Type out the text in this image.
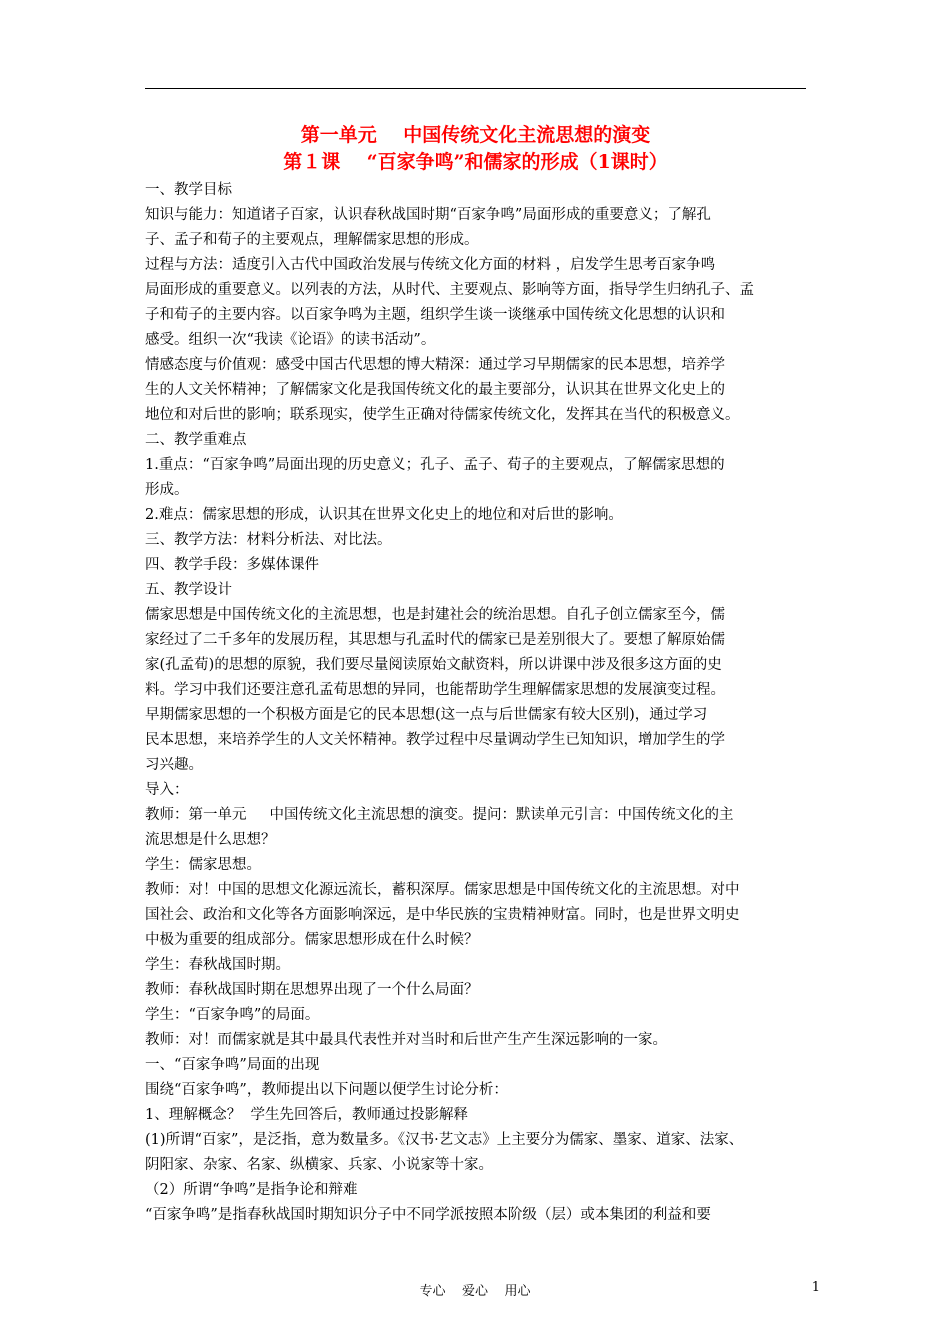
第一单元    中国传统文化主流思想的演变
第１课    “百家争鸣”和儒家的形成（1课时）

一、教学目标

知识与能力：知道诸子百家，认识春秋战国时期“百家争鸣”局面形成的重要意义；了解孔

子、孟子和荀子的主要观点，理解儒家思想的形成。

过程与方法：适度引入古代中国政治发展与传统文化方面的材料 ，启发学生思考百家争鸣

局面形成的重要意义。以列表的方法，从时代、主要观点、影响等方面，指导学生归纳孔子、孟

子和荀子的主要内容。以百家争鸣为主题，组织学生谈一谈继承中国传统文化思想的认识和

感受。组织一次“我读《论语》的读书活动”。

情感态度与价值观：感受中国古代思想的博大精深：通过学习早期儒家的民本思想，培养学

生的人文关怀精神；了解儒家文化是我国传统文化的最主要部分，认识其在世界文化史上的

地位和对后世的影响；联系现实，使学生正确对待儒家传统文化，发挥其在当代的积极意义。

二、教学重难点

1.重点：“百家争鸣”局面出现的历史意义；孔子、孟子、荀子的主要观点，了解儒家思想的

形成。

2.难点：儒家思想的形成，认识其在世界文化史上的地位和对后世的影响。

三、教学方法：材料分析法、对比法。

四、教学手段：多媒体课件

五、教学设计

儒家思想是中国传统文化的主流思想，也是封建社会的统治思想。自孔子创立儒家至今，儒

家经过了二千多年的发展历程，其思想与孔孟时代的儒家已是差别很大了。要想了解原始儒

家(孔孟荀)的思想的原貌，我们要尽量阅读原始文献资料，所以讲课中涉及很多这方面的史

料。学习中我们还要注意孔孟荀思想的异同，也能帮助学生理解儒家思想的发展演变过程。

早期儒家思想的一个积极方面是它的民本思想(这一点与后世儒家有较大区别)，通过学习

民本思想，来培养学生的人文关怀精神。教学过程中尽量调动学生已知知识，增加学生的学

习兴趣。

导入：

教师：第一单元     中国传统文化主流思想的演变。提问：默读单元引言：中国传统文化的主

流思想是什么思想？

学生：儒家思想。

教师：对！中国的思想文化源远流长，蓄积深厚。儒家思想是中国传统文化的主流思想。对中

国社会、政治和文化等各方面影响深远，是中华民族的宝贵精神财富。同时，也是世界文明史

中极为重要的组成部分。儒家思想形成在什么时候？

学生：春秋战国时期。

教师：春秋战国时期在思想界出现了一个什么局面？

学生：“百家争鸣”的局面。

教师：对！而儒家就是其中最具代表性并对当时和后世产生产生深远影响的一家。

一、“百家争鸣”局面的出现

围绕“百家争鸣”，教师提出以下问题以便学生讨论分析：

1、理解概念？  学生先回答后，教师通过投影解释

(1)所谓“百家”，是泛指，意为数量多。《汉书·艺文志》上主要分为儒家、墨家、道家、法家、

阴阳家、杂家、名家、纵横家、兵家、小说家等十家。

（2）所谓“争鸣”是指争论和辩难

“百家争鸣”是指春秋战国时期知识分子中不同学派按照本阶级（层）或本集团的利益和要

专心    爱心    用心	1
